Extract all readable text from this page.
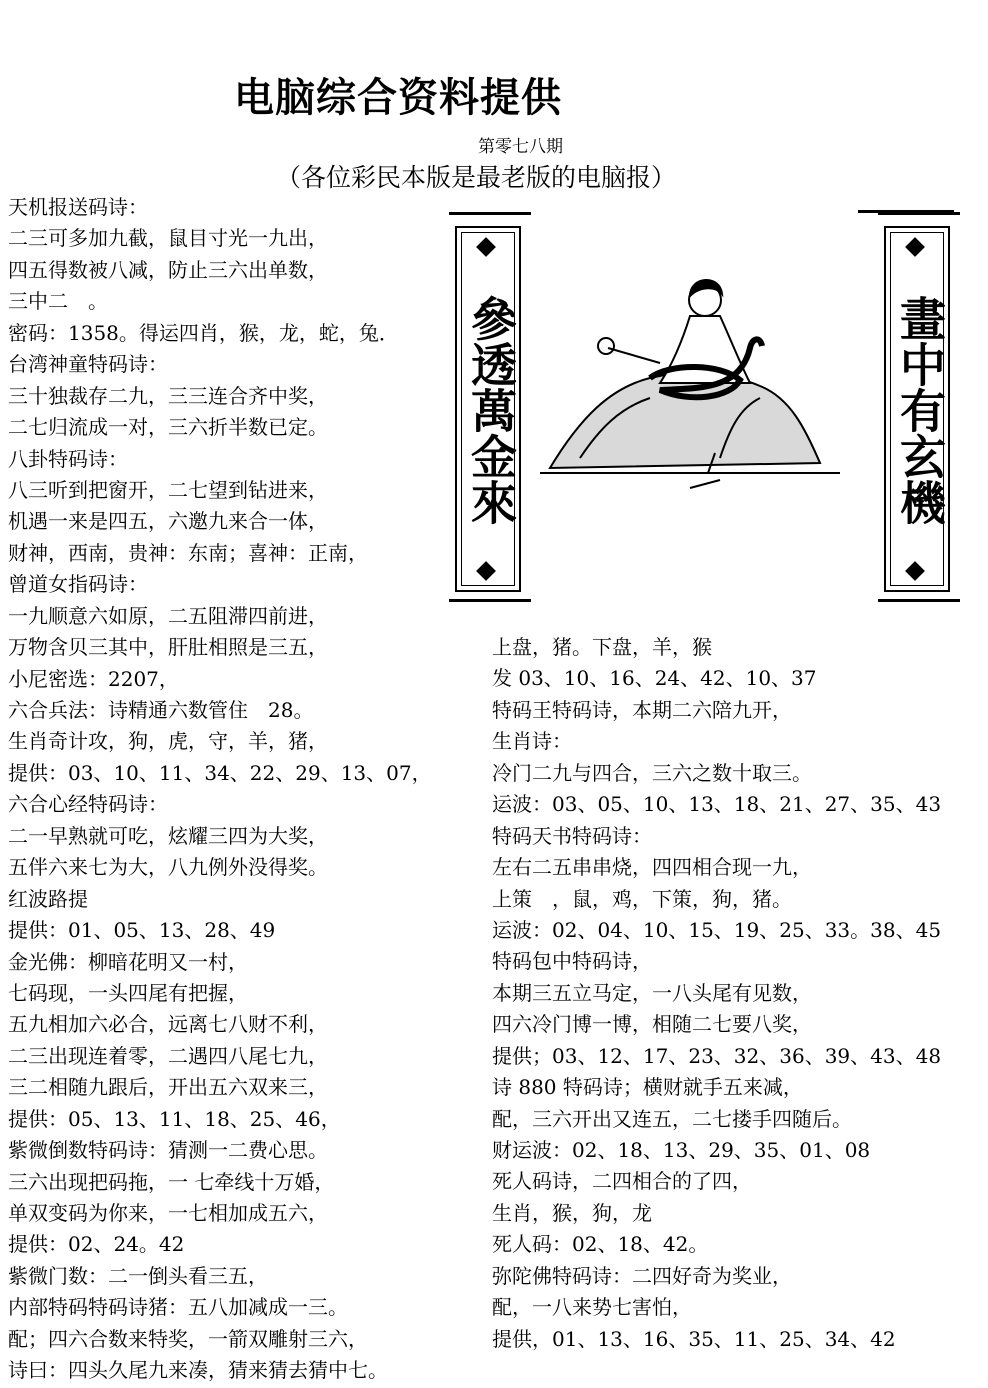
电脑综合资料提供
第零七八期
（各位彩民本版是最老版的电脑报）
天机报送码诗：
二三可多加九截，鼠目寸光一九出，
四五得数被八减，防止三六出单数，
三中二　。
密码：1358。得运四肖，猴，龙，蛇，兔．
台湾神童特码诗：
三十独裁存二九，三三连合齐中奖，
二七归流成一对，三六折半数已定。
八卦特码诗：
八三听到把窗开，二七望到钻进来，
机遇一来是四五，六邀九来合一体，
财神，西南，贵神：东南；喜神：正南，
曾道女指码诗：
一九顺意六如原，二五阻滞四前进，
万物含贝三其中，肝肚相照是三五，
小尼密选：2207，
六合兵法：诗精通六数管住　28。
生肖奇计攻，狗，虎，守，羊，猪，
提供：03、10、11、34、22、29、13、07，
六合心经特码诗：
二一早熟就可吃，炫耀三四为大奖，
五伴六来七为大，八九例外没得奖。
红波路提
提供：01、05、13、28、49
金光佛：柳暗花明又一村，
七码现，一头四尾有把握，
五九相加六必合，远离七八财不利，
二三出现连着零，二遇四八尾七九，
三二相随九跟后，开出五六双来三，
提供：05、13、11、18、25、46，
紫微倒数特码诗：猜测一二费心思。
三六出现把码拖，一 七牵线十万婚，
单双变码为你来，一七相加成五六，
提供：02、24。42
紫微门数：二一倒头看三五，
内部特码特码诗猪：五八加减成一三。
配；四六合数来特奖，一箭双雕射三六，
诗曰：四头久尾九来凑，猜来猜去猜中七。
上盘，猪。下盘，羊，猴
发 03、10、16、24、42、10、37
特码王特码诗，本期二六陪九开，
生肖诗：
冷门二九与四合，三六之数十取三。
运波：03、05、10、13、18、21、27、35、43
特码天书特码诗：
左右二五串串烧，四四相合现一九，
上策　，鼠，鸡，下策，狗，猪。
运波：02、04、10、15、19、25、33。38、45
特码包中特码诗，
本期三五立马定，一八头尾有见数，
四六冷门博一博，相随二七要八奖，
提供；03、12、17、23、32、36、39、43、48
诗 880 特码诗；横财就手五来减，
配，三六开出又连五，二七搂手四随后。
财运波：02、18、13、29、35、01、08
死人码诗，二四相合的了四，
生肖，猴，狗，龙
死人码：02、18、42。
弥陀佛特码诗：二四好奇为奖业，
配，一八来势七害怕，
提供，01、13、16、35、11、25、34、42
參透萬金來	畫中有玄機
